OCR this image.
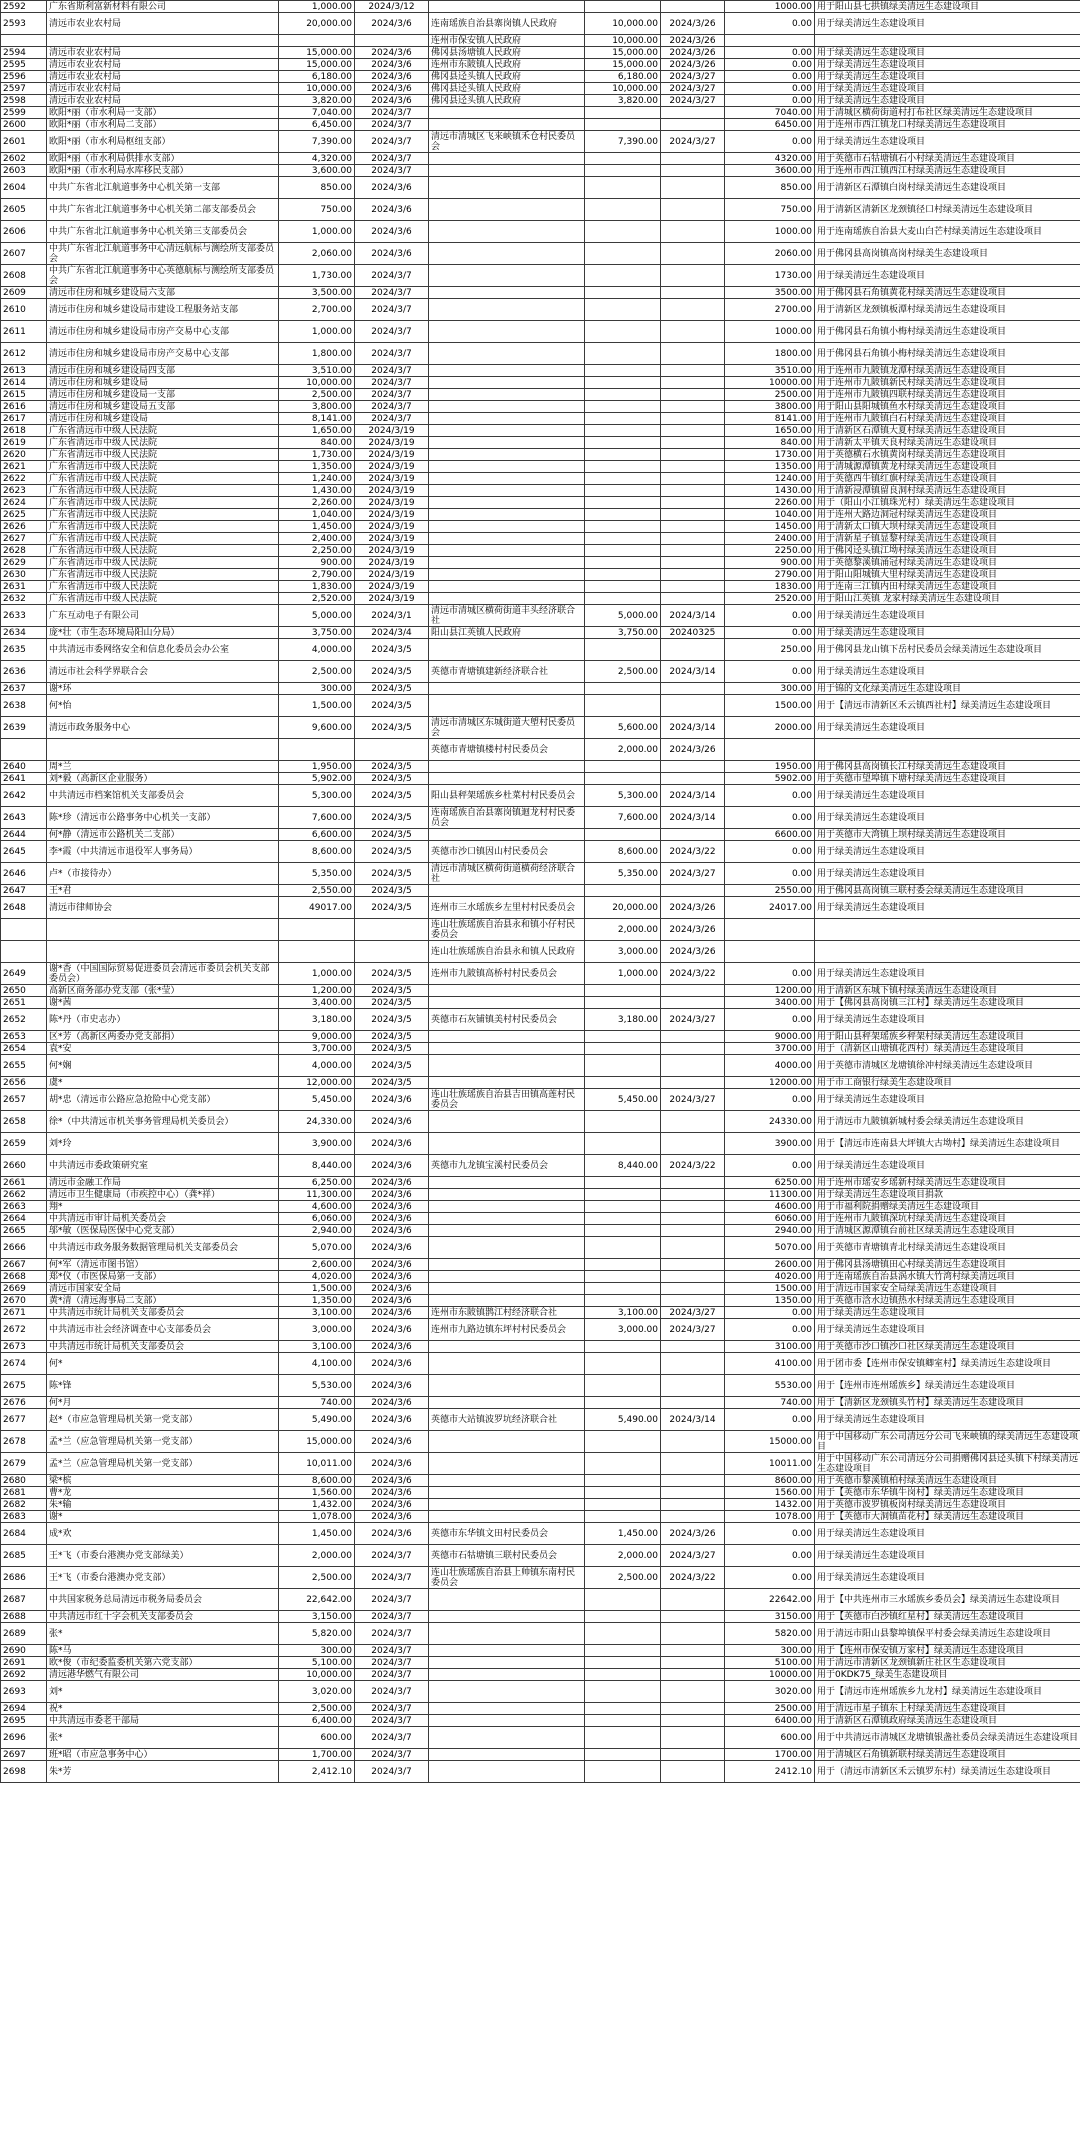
2592	广东省斯利富新材料有限公司	1,000.00	2024/3/12				1000.00	用于阳山县七拱镇绿美清远生态建设项目
2593	清远市农业农村局	20,000.00	2024/3/6	连南瑶族自治县寨岗镇人民政府	10,000.00	2024/3/26	0.00	用于绿美清远生态建设项目
				连州市保安镇人民政府	10,000.00	2024/3/26		
2594	清远市农业农村局	15,000.00	2024/3/6	佛冈县汤塘镇人民政府	15,000.00	2024/3/26	0.00	用于绿美清远生态建设项目
2595	清远市农业农村局	15,000.00	2024/3/6	连州市东陂镇人民政府	15,000.00	2024/3/26	0.00	用于绿美清远生态建设项目
2596	清远市农业农村局	6,180.00	2024/3/6	佛冈县迳头镇人民政府	6,180.00	2024/3/27	0.00	用于绿美清远生态建设项目
2597	清远市农业农村局	10,000.00	2024/3/6	佛冈县迳头镇人民政府	10,000.00	2024/3/27	0.00	用于绿美清远生态建设项目
2598	清远市农业农村局	3,820.00	2024/3/6	佛冈县迳头镇人民政府	3,820.00	2024/3/27	0.00	用于绿美清远生态建设项目
2599	欧阳*丽（市水利局一支部）	7,040.00	2024/3/7				7040.00	用于清城区横荷街道村打布社区绿美清远生态建设项目
2600	欧阳*丽（市水利局二支部）	6,450.00	2024/3/7				6450.00	用于连州市西江镇龙口村绿美清远生态建设项目
2601	欧阳*丽（市水利局枢纽支部）	7,390.00	2024/3/7	清远市清城区飞来峡镇禾仓村民委员会	7,390.00	2024/3/27	0.00	用于绿美清远生态建设项目
2602	欧阳*丽（市水利局供排水支部）	4,320.00	2024/3/7				4320.00	用于英德市石牯塘镇石小村绿美清远生态建设项目
2603	欧阳*丽（市水利局水库移民支部）	3,600.00	2024/3/7				3600.00	用于连州市西江镇西江村绿美清远生态建设项目
2604	中共广东省北江航道事务中心机关第一支部	850.00	2024/3/6				850.00	用于清新区石潭镇白岗村绿美清远生态建设项目
2605	中共广东省北江航道事务中心机关第二部支部委员会	750.00	2024/3/6				750.00	用于清新区清新区龙颈镇径口村绿美清远生态建设项目
2606	中共广东省北江航道事务中心机关第三支部委员会	1,000.00	2024/3/6				1000.00	用于连南瑶族自治县大麦山白芒村绿美清远生态建设项目
2607	中共广东省北江航道事务中心清远航标与测绘所支部委员会	2,060.00	2024/3/6				2060.00	用于佛冈县高岗镇高岗村绿美生态建设项目
2608	中共广东省北江航道事务中心英德航标与测绘所支部委员会	1,730.00	2024/3/7				1730.00	用于绿美清远生态建设项目
2609	清远市住房和城乡建设局六支部	3,500.00	2024/3/7				3500.00	用于佛冈县石角镇黄花村绿美清远生态建设项目
2610	清远市住房和城乡建设局市建设工程服务站支部	2,700.00	2024/3/7				2700.00	用于清新区龙颈镇板潭村绿美清远生态建设项目
2611	清远市住房和城乡建设局市房产交易中心支部	1,000.00	2024/3/7				1000.00	用于佛冈县石角镇小梅村绿美清远生态建设项目
2612	清远市住房和城乡建设局市房产交易中心支部	1,800.00	2024/3/7				1800.00	用于佛冈县石角镇小梅村绿美清远生态建设项目
2613	清远市住房和城乡建设局四支部	3,510.00	2024/3/7				3510.00	用于连州市九陂镇龙潭村绿美清远生态建设项目
2614	清远市住房和城乡建设局	10,000.00	2024/3/7				10000.00	用于连州市九陂镇新民村绿美清远生态建设项目
2615	清远市住房和城乡建设局一支部	2,500.00	2024/3/7				2500.00	用于连州市九陂镇四联村绿美清远生态建设项目
2616	清远市住房和城乡建设局五支部	3,800.00	2024/3/7				3800.00	用于阳山县阳城镇鱼水村绿美清远生态建设项目
2617	清远市住房和城乡建设局	8,141.00	2024/3/7				8141.00	用于连州市九陂镇白石村绿美清远生态建设项目
2618	广东省清远市中级人民法院	1,650.00	2024/3/19				1650.00	用于清新区石潭镇大夏村绿美清远生态建设项目
2619	广东省清远市中级人民法院	840.00	2024/3/19				840.00	用于清新太平镇天良村绿美清远生态建设项目
2620	广东省清远市中级人民法院	1,730.00	2024/3/19				1730.00	用于英德横石水镇黄岗村绿美清远生态建设项目
2621	广东省清远市中级人民法院	1,350.00	2024/3/19				1350.00	用于清城源潭镇黄龙村绿美清远生态建设项目
2622	广东省清远市中级人民法院	1,240.00	2024/3/19				1240.00	用于英德西牛镇红旗村绿美清远生态建设项目
2623	广东省清远市中级人民法院	1,430.00	2024/3/19				1430.00	用于清新浸潭镇留良洞村绿美清远生态建设项目
2624	广东省清远市中级人民法院	2,260.00	2024/3/19				2260.00	用于（阳山小江镇珠光村）绿美清远生态建设项目
2625	广东省清远市中级人民法院	1,040.00	2024/3/19				1040.00	用于连州大路边洞冠村绿美清远生态建设项目
2626	广东省清远市中级人民法院	1,450.00	2024/3/19				1450.00	用于清新太口镇大坝村绿美清远生态建设项目
2627	广东省清远市中级人民法院	2,400.00	2024/3/19				2400.00	用于清新星子镇显黎村绿美清远生态建设项目
2628	广东省清远市中级人民法院	2,250.00	2024/3/19				2250.00	用于佛冈迳头镇江坳村绿美清远生态建设项目
2629	广东省清远市中级人民法院	900.00	2024/3/19				900.00	用于英德黎溪镇涌冠村绿美清远生态建设项目
2630	广东省清远市中级人民法院	2,790.00	2024/3/19				2790.00	用于阳山阳城镇大里村绿美清远生态建设项目
2631	广东省清远市中级人民法院	1,830.00	2024/3/19				1830.00	用于连南三江镇内田村绿美清远生态建设项目
2632	广东省清远市中级人民法院	2,520.00	2024/3/19				2520.00	用于阳山江英镇 龙家村绿美清远生态建设项目
2633	广东互动电子有限公司	5,000.00	2024/3/1	清远市清城区横荷街道丰头经济联合社	5,000.00	2024/3/14	0.00	用于绿美清远生态建设项目
2634	庞*壮（市生态环境局阳山分局）	3,750.00	2024/3/4	阳山县江英镇人民政府	3,750.00	20240325	0.00	用于绿美清远生态建设项目
2635	中共清远市委网络安全和信息化委员会办公室	4,000.00	2024/3/5				250.00	用于佛冈县龙山镇下岳村民委员会绿美清远生态建设项目
2636	清远市社会科学界联合会	2,500.00	2024/3/5	英德市青塘镇建新经济联合社	2,500.00	2024/3/14	0.00	用于绿美清远生态建设项目
2637	谢*环	300.00	2024/3/5				300.00	用于锦的文化绿美清远生态建设项目
2638	何*怡	1,500.00	2024/3/5				1500.00	用于【清远市清新区禾云镇西社村】绿美清远生态建设项目
2639	清远市政务服务中心	9,600.00	2024/3/5	清远市清城区东城街道大塱村民委员会	5,600.00	2024/3/14	2000.00	用于绿美清远生态建设项目
				英德市青塘镇楼村村民委员会	2,000.00	2024/3/26		
2640	周*兰	1,950.00	2024/3/5				1950.00	用于佛冈县高岗镇长江村绿美清远生态建设项目
2641	刘*毅（高新区企业服务）	5,902.00	2024/3/5				5902.00	用于英德市望埠镇下塘村绿美清远生态建设项目
2642	中共清远市档案馆机关支部委员会	5,300.00	2024/3/5	阳山县秤架瑶族乡杜菜村村民委员会	5,300.00	2024/3/14	0.00	用于绿美清远生态建设项目
2643	陈*珍（清远市公路事务中心机关一支部）	7,600.00	2024/3/5	连南瑶族自治县寨岗镇迴龙村村民委员会	7,600.00	2024/3/14	0.00	用于绿美清远生态建设项目
2644	何*静（清远市公路机关二支部）	6,600.00	2024/3/5				6600.00	用于英德市大湾镇上坝村绿美清远生态建设项目
2645	李*霞（中共清远市退役军人事务局）	8,600.00	2024/3/5	英德市沙口镇因山村民委员会	8,600.00	2024/3/22	0.00	用于绿美清远生态建设项目
2646	卢*（市接待办）	5,350.00	2024/3/5	清远市清城区横荷街道横荷经济联合社	5,350.00	2024/3/27	0.00	用于绿美清远生态建设项目
2647	王*君	2,550.00	2024/3/5				2550.00	用于佛冈县高岗镇三联村委会绿美清远生态建设项目
2648	清远市律师协会	49017.00	2024/3/5	连州市三水瑶族乡左里村村民委员会	20,000.00	2024/3/26	24017.00	用于绿美清远生态建设项目
				连山壮族瑶族自治县永和镇小仔村民委员会	2,000.00	2024/3/26		
				连山壮族瑶族自治县永和镇人民政府	3,000.00	2024/3/26		
2649	谢*香（中国国际贸易促进委员会清远市委员会机关支部委员会）	1,000.00	2024/3/5	连州市九陂镇高桥村村民委员会	1,000.00	2024/3/22	0.00	用于绿美清远生态建设项目
2650	高新区商务部办党支部（张*莹）	1,200.00	2024/3/5				1200.00	用于清新区东城下镇村绿美清远生态建设项目
2651	谢*茜	3,400.00	2024/3/5				3400.00	用于【佛冈县高岗镇三江村】绿美清远生态建设项目
2652	陈*丹（市史志办）	3,180.00	2024/3/5	英德市石灰铺镇美村村民委员会	3,180.00	2024/3/27	0.00	用于绿美清远生态建设项目
2653	区*芳（高新区两委办党支部捐）	9,000.00	2024/3/5				9000.00	用于阳山县秤架瑶族乡秤架村绿美清远生态建设项目
2654	袁*安	3,700.00	2024/3/5				3700.00	用于（清新区山塘镇花西村）绿美清远生态建设项目
2655	何*娴	4,000.00	2024/3/5				4000.00	用于英德市清城区龙塘镇徐冲村绿美清远生态建设项目
2656	虞*	12,000.00	2024/3/5				12000.00	用于市工商银行绿美生态建设项目
2657	胡*忠（清远市公路应急抢险中心党支部）	5,450.00	2024/3/6	连山壮族瑶族自治县吉田镇高莲村民委员会	5,450.00	2024/3/27	0.00	用于绿美清远生态建设项目
2658	徐*（中共清远市机关事务管理局机关委员会）	24,330.00	2024/3/6				24330.00	用于清远市九陂镇新城村委会绿美清远生态建设项目
2659	刘*玲	3,900.00	2024/3/6				3900.00	用于【清远市连南县大坪镇大古坳村】绿美清远生态建设项目
2660	中共清远市委政策研究室	8,440.00	2024/3/6	英德市九龙镇宝溪村民委员会	8,440.00	2024/3/22	0.00	用于绿美清远生态建设项目
2661	清远市金融工作局	6,250.00	2024/3/6				6250.00	用于连州市瑶安乡瑶新村绿美清远生态建设项目
2662	清远市卫生健康局（市疾控中心）（龚*祥）	11,300.00	2024/3/6				11300.00	用于绿美清远生态建设项目捐款
2663	翔*	4,600.00	2024/3/6				4600.00	用于市福利院捐赠绿美清远生态建设项目
2664	中共清远市审计局机关委员会	6,060.00	2024/3/6				6060.00	用于连州市九陂镇深坑村绿美清远生态建设项目
2665	邬*敏（医保局医保中心党支部）	2,940.00	2024/3/6				2940.00	用于清城区源潭镇台前社区绿美清远生态建设项目
2666	中共清远市政务服务数据管理局机关支部委员会	5,070.00	2024/3/6				5070.00	用于英德市青塘镇青北村绿美清远生态建设项目
2667	何*军（清远市图书馆）	2,600.00	2024/3/6				2600.00	用于佛冈县汤塘镇田心村绿美清远生态建设项目
2668	郑*仪（市医保局第一支部）	4,020.00	2024/3/6				4020.00	用于连南瑶族自治县涡水镇大竹湾村绿美清远项目
2669	清远市国家安全局	1,500.00	2024/3/6				1500.00	用于清远市国家安全局绿美清远生态建设项目
2670	黄*清（清远海事局二支部）	1,350.00	2024/3/6				1350.00	用于英德市浛水边镇热水村绿美清远生态建设项目
2671	中共清远市统计局机关支部委员会	3,100.00	2024/3/6	连州市东陂镇鹊江村经济联合社	3,100.00	2024/3/27	0.00	用于绿美清远生态建设项目
2672	中共清远市社会经济调查中心支部委员会	3,000.00	2024/3/6	连州市九路边镇东坪村村民委员会	3,000.00	2024/3/27	0.00	用于绿美清远生态建设项目
2673	中共清远市统计局机关支部委员会	3,100.00	2024/3/6				3100.00	用于英德市沙口镇沙口社区绿美清远生态建设项目
2674	何*	4,100.00	2024/3/6				4100.00	用于团市委【连州市保安镇卿室村】绿美清远生态建设项目
2675	陈*锋	5,530.00	2024/3/6				5530.00	用于【连州市连州瑶族乡】绿美清远生态建设项目
2676	何*月	740.00	2024/3/6				740.00	用于【清新区龙颈镇头竹村】绿美清远生态建设项目
2677	赵*（市应急管理局机关第一党支部）	5,490.00	2024/3/6	英德市大站镇波罗坑经济联合社	5,490.00	2024/3/14	0.00	用于绿美清远生态建设项目
2678	孟*兰（应急管理局机关第一党支部）	15,000.00	2024/3/6				15000.00	用于中国移动广东公司清远分公司飞来峡镇的绿美清远生态建设项目
2679	孟*兰（应急管理局机关第一党支部）	10,011.00	2024/3/6				10011.00	用于中国移动广东公司清远分公司捐赠佛冈县迳头镇下村绿美清远生态建设项目
2680	梁*槟	8,600.00	2024/3/6				8600.00	用于英德市黎溪镇柏村绿美清远生态建设项目
2681	曹*龙	1,560.00	2024/3/6				1560.00	用于【英德市东华镇牛岗村】绿美清远生态建设项目
2682	朱*输	1,432.00	2024/3/6				1432.00	用于英德市波罗镇板岗村绿美清远生态建设项目
2683	谢*	1,078.00	2024/3/6				1078.00	用于【英德市大洞镇苗花村】绿美清远生态建设项目
2684	成*欢	1,450.00	2024/3/6	英德市东华镇文田村民委员会	1,450.00	2024/3/26	0.00	用于绿美清远生态建设项目
2685	王*飞（市委台港澳办党支部绿美）	2,000.00	2024/3/7	英德市石牯塘镇三联村民委员会	2,000.00	2024/3/27	0.00	用于绿美清远生态建设项目
2686	王*飞（市委台港澳办党支部）	2,500.00	2024/3/7	连山壮族瑶族自治县上帅镇东南村民委员会	2,500.00	2024/3/22	0.00	用于绿美清远生态建设项目
2687	中共国家税务总局清远市税务局委员会	22,642.00	2024/3/7				22642.00	用于【中共连州市三水瑶族乡委员会】绿美清远生态建设项目
2688	中共清远市红十字会机关支部委员会	3,150.00	2024/3/7				3150.00	用于【英德市白沙镇红星村】绿美清远生态建设项目
2689	张*	5,820.00	2024/3/7				5820.00	用于清远市阳山县黎埠镇保平村委会绿美清远生态建设项目
2690	陈*马	300.00	2024/3/7				300.00	用于【连州市保安镇万家村】绿美清远生态建设项目
2691	欧*俊（市纪委监委机关第六党支部）	5,100.00	2024/3/7				5100.00	用于清远市清新区龙颈镇新庄社区生态建设项目
2692	清远港华燃气有限公司	10,000.00	2024/3/7				10000.00	用于0KDK75_绿美生态建设项目
2693	刘*	3,020.00	2024/3/7				3020.00	用于【清远市连州瑶族乡九龙村】绿美清远生态建设项目
2694	祝*	2,500.00	2024/3/7				2500.00	用于清远市星子镇东上村绿美清远生态建设项目
2695	中共清远市委老干部局	6,400.00	2024/3/7				6400.00	用于清新区石潭镇政府绿美清远生态建设项目
2696	张*	600.00	2024/3/7				600.00	用于中共清远市清城区龙塘镇银盏社委员会绿美清远生态建设项目
2697	班*昭（市应急事务中心）	1,700.00	2024/3/7				1700.00	用于清城区石角镇新联村绿美清远生态建设项目
2698	朱*芳	2,412.10	2024/3/7				2412.10	用于（清远市清新区禾云镇罗东村）绿美清远生态建设项目
